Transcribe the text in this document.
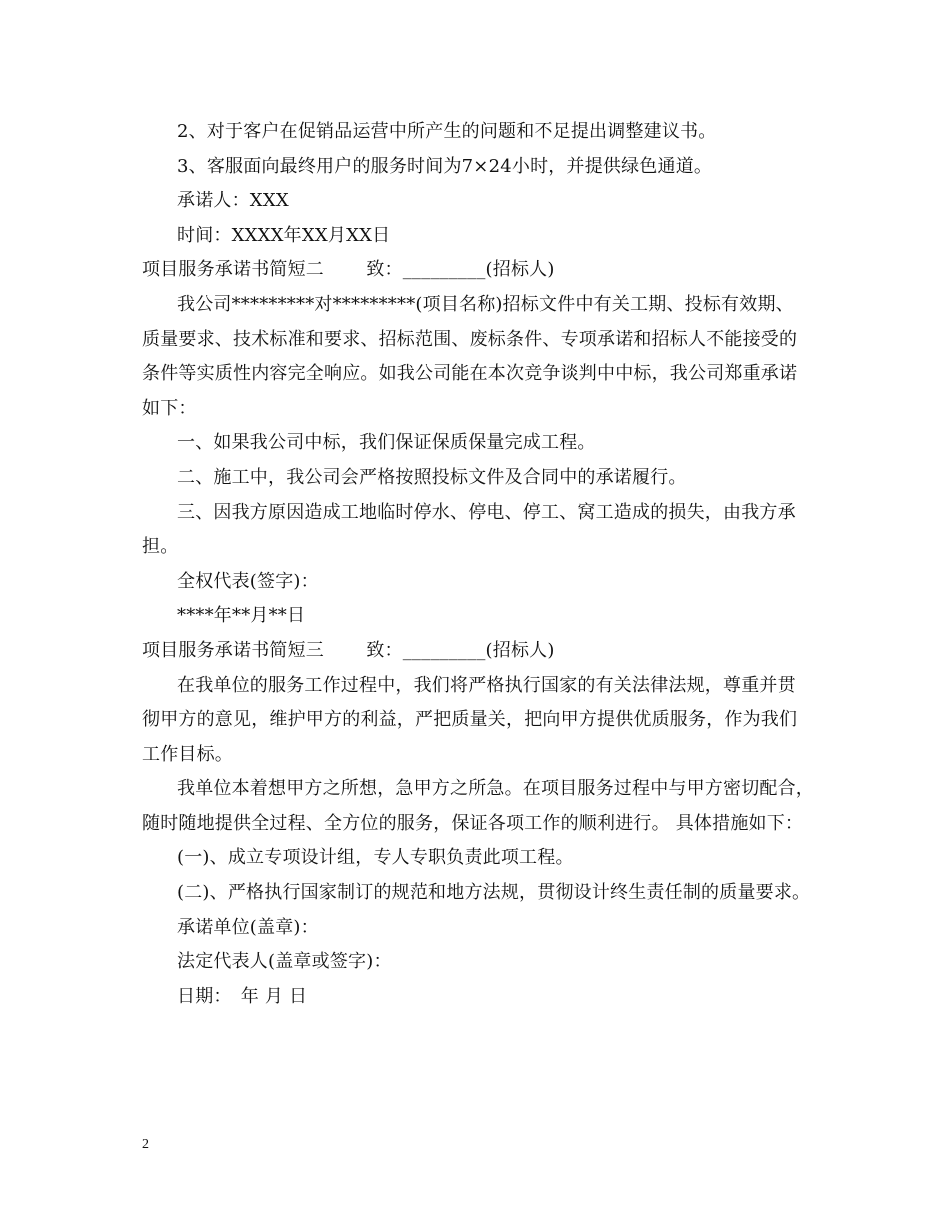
2、对于客户在促销品运营中所产生的问题和不足提出调整建议书。
3、客服面向最终用户的服务时间为7×24小时，并提供绿色通道。
承诺人：XXX
时间：XXXX年XX月XX日
项目服务承诺书简短二　　 致：_________(招标人)
我公司*********对*********(项目名称)招标文件中有关工期、投标有效期、
质量要求、技术标准和要求、招标范围、废标条件、专项承诺和招标人不能接受的
条件等实质性内容完全响应。如我公司能在本次竞争谈判中中标，我公司郑重承诺
如下：
一、如果我公司中标，我们保证保质保量完成工程。
二、施工中，我公司会严格按照投标文件及合同中的承诺履行。
三、因我方原因造成工地临时停水、停电、停工、窝工造成的损失，由我方承
担。
全权代表(签字)：
****年**月**日
项目服务承诺书简短三　　 致：_________(招标人)
在我单位的服务工作过程中，我们将严格执行国家的有关法律法规，尊重并贯
彻甲方的意见，维护甲方的利益，严把质量关，把向甲方提供优质服务，作为我们
工作目标。
我单位本着想甲方之所想，急甲方之所急。在项目服务过程中与甲方密切配合，
随时随地提供全过程、全方位的服务，保证各项工作的顺利进行。 具体措施如下：
(一)、成立专项设计组，专人专职负责此项工程。
(二)、严格执行国家制订的规范和地方法规，贯彻设计终生责任制的质量要求。
承诺单位(盖章)：
法定代表人(盖章或签字)：
日期：　年 月 日
2
